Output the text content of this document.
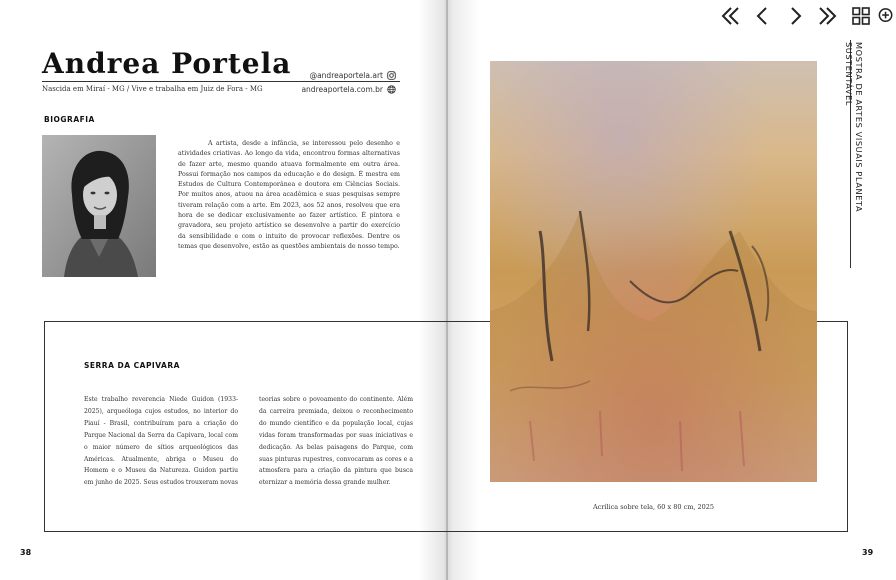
Andrea Portela
Nascida em Miraí - MG / Vive e trabalha em Juiz de Fora - MG
@andreaportela.art
andreaportela.com.br
BIOGRAFIA
A artista, desde a infância, se interessou pelo desenho e atividades criativas. Ao longo da vida, encontrou formas alternativas de fazer arte, mesmo quando atuava formalmente em outra área. Possui formação nos campos da educação e do design. É mestra em Estudos de Cultura Contemporânea e doutora em Ciências Sociais. Por muitos anos, atuou na área acadêmica e suas pesquisas sempre tiveram relação com a arte. Em 2023, aos 52 anos, resolveu que era hora de se dedicar exclusivamente ao fazer artístico. É pintora e gravadora, seu projeto artístico se desenvolve a partir do exercício da sensibilidade e com o intuito de provocar reflexões. Dentre os temas que desenvolve, estão as questões ambientais de nosso tempo.
SERRA DA CAPIVARA
Este trabalho reverencia Niede Guidon (1933-2025), arqueóloga cujos estudos, no interior do Piauí - Brasil, contribuíram para a criação do Parque Nacional da Serra da Capivara, local com o maior número de sítios arqueológicos das Américas. Atualmente, abriga o Museu do Homem e o Museu da Natureza. Guidon partiu em junho de 2025. Seus estudos trouxeram novas
teorias sobre o povoamento do continente. Além da carreira premiada, deixou o reconhecimento do mundo científico e da população local, cujas vidas foram transformadas por suas iniciativas e dedicação. As belas paisagens do Parque, com suas pinturas rupestres, convocaram as cores e a atmosfera para a criação da pintura que busca eternizar a memória dessa grande mulher.
38	39
Acrílica sobre tela, 60 x 80 cm, 2025
MOSTRA DE ARTES VISUAIS PLANETA SUSTENTÁVEL
